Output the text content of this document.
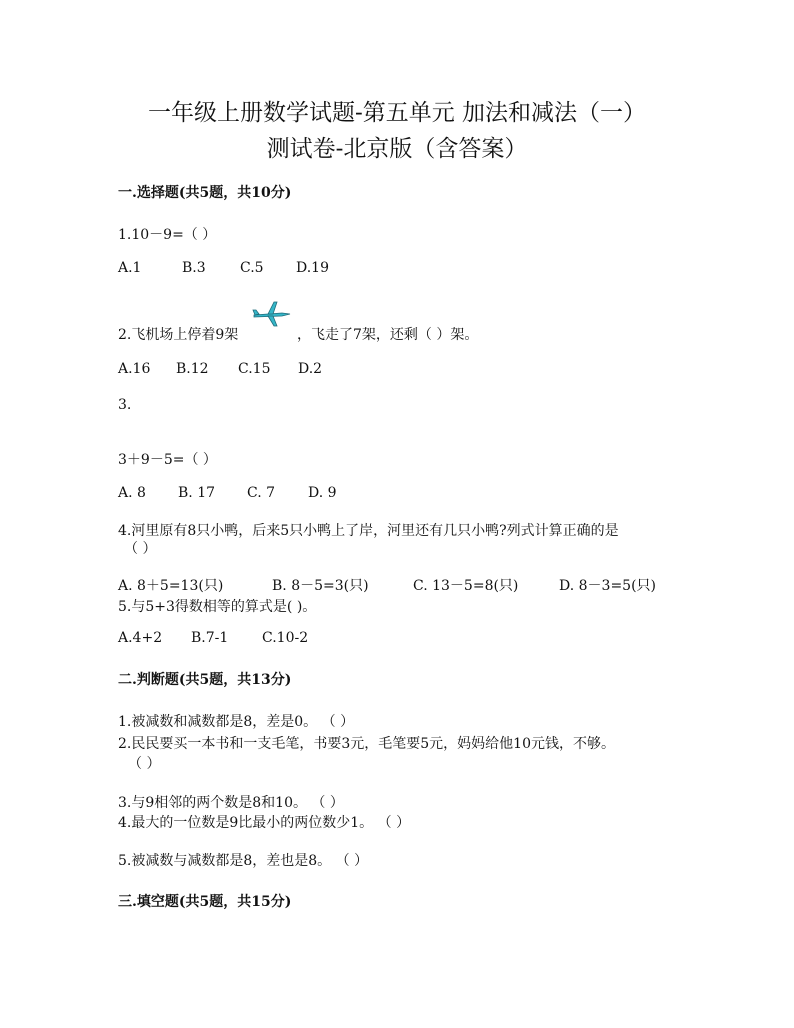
一年级上册数学试题-第五单元 加法和减法（一）
测试卷-北京版（含答案）
一.选择题(共5题，共10分)
1.10－9=（ ）
A.1	B.3 C.5 D.19
2.飞机场上停着9架	，飞走了7架，还剩（ ）架。
A.16 B.12 C.15 D.2
3.
3＋9－5=（ ）
A. 8 B. 17 C. 7 D. 9
4.河里原有8只小鸭，后来5只小鸭上了岸，河里还有几只小鸭?列式计算正确的是
（ ）
A. 8＋5=13(只)	B. 8－5=3(只)	C. 13－5=8(只)	D. 8－3=5(只)
5.与5+3得数相等的算式是( )。
A.4+2 B.7-1 C.10-2
二.判断题(共5题，共13分)
1.被减数和减数都是8，差是0。 （ ）
2.民民要买一本书和一支毛笔，书要3元，毛笔要5元，妈妈给他10元钱，不够。
（ ）
3.与9相邻的两个数是8和10。 （ ）
4.最大的一位数是9比最小的两位数少1。 （ ）
5.被减数与减数都是8，差也是8。 （ ）
三.填空题(共5题，共15分)
